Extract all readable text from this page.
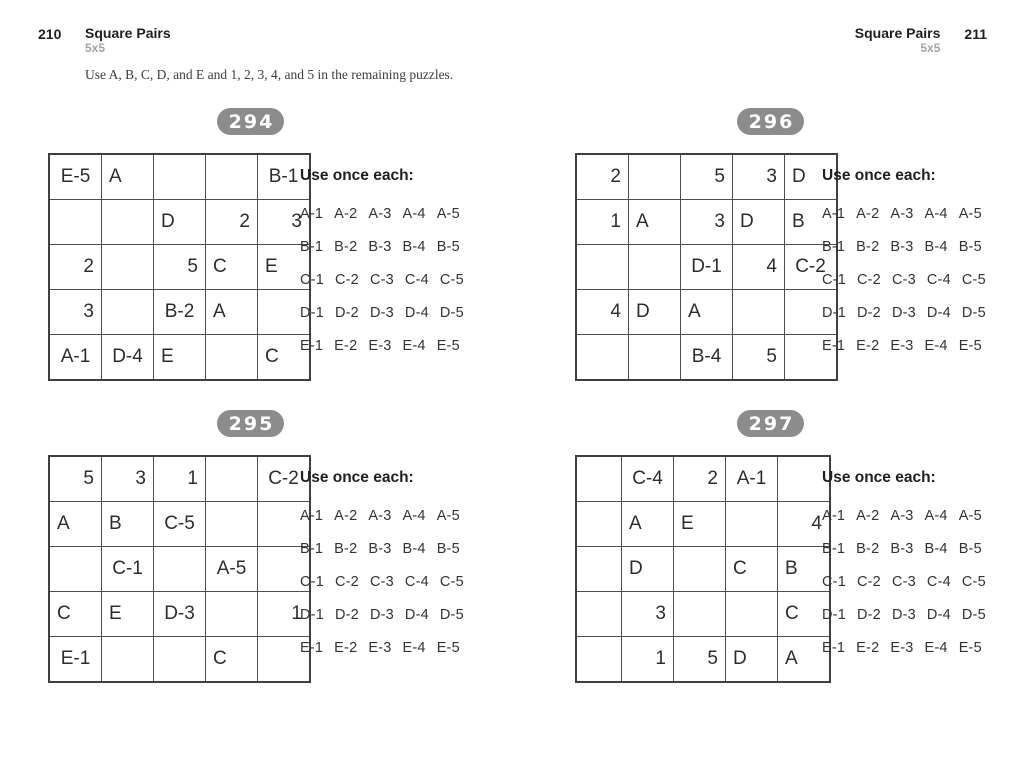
210 Square Pairs
5x5
Square Pairs
5x5
211

Use A, B, C, D, and E and 1, 2, 3, 4, and 5 in the remaining puzzles.

294
E-5	A			B-1
		D	2	3
2		5	C	E
3		B-2	A	
A-1	D-4	E		C
Use once each:
A-1 A-2 A-3 A-4 A-5
B-1 B-2 B-3 B-4 B-5
C-1 C-2 C-3 C-4 C-5
D-1 D-2 D-3 D-4 D-5
E-1 E-2 E-3 E-4 E-5
296
2		5	3	D
1	A	3	D	B
		D-1	4	C-2
4	D	A		
		B-4	5	
Use once each:
A-1 A-2 A-3 A-4 A-5
B-1 B-2 B-3 B-4 B-5
C-1 C-2 C-3 C-4 C-5
D-1 D-2 D-3 D-4 D-5
E-1 E-2 E-3 E-4 E-5
295
5	3	1		C-2
A	B	C-5		
	C-1		A-5	
C	E	D-3		1
E-1			C	
Use once each:
A-1 A-2 A-3 A-4 A-5
B-1 B-2 B-3 B-4 B-5
C-1 C-2 C-3 C-4 C-5
D-1 D-2 D-3 D-4 D-5
E-1 E-2 E-3 E-4 E-5
297
	C-4	2	A-1	
	A	E		4
	D		C	B
	3			C
	1	5	D	A
Use once each:
A-1 A-2 A-3 A-4 A-5
B-1 B-2 B-3 B-4 B-5
C-1 C-2 C-3 C-4 C-5
D-1 D-2 D-3 D-4 D-5
E-1 E-2 E-3 E-4 E-5
